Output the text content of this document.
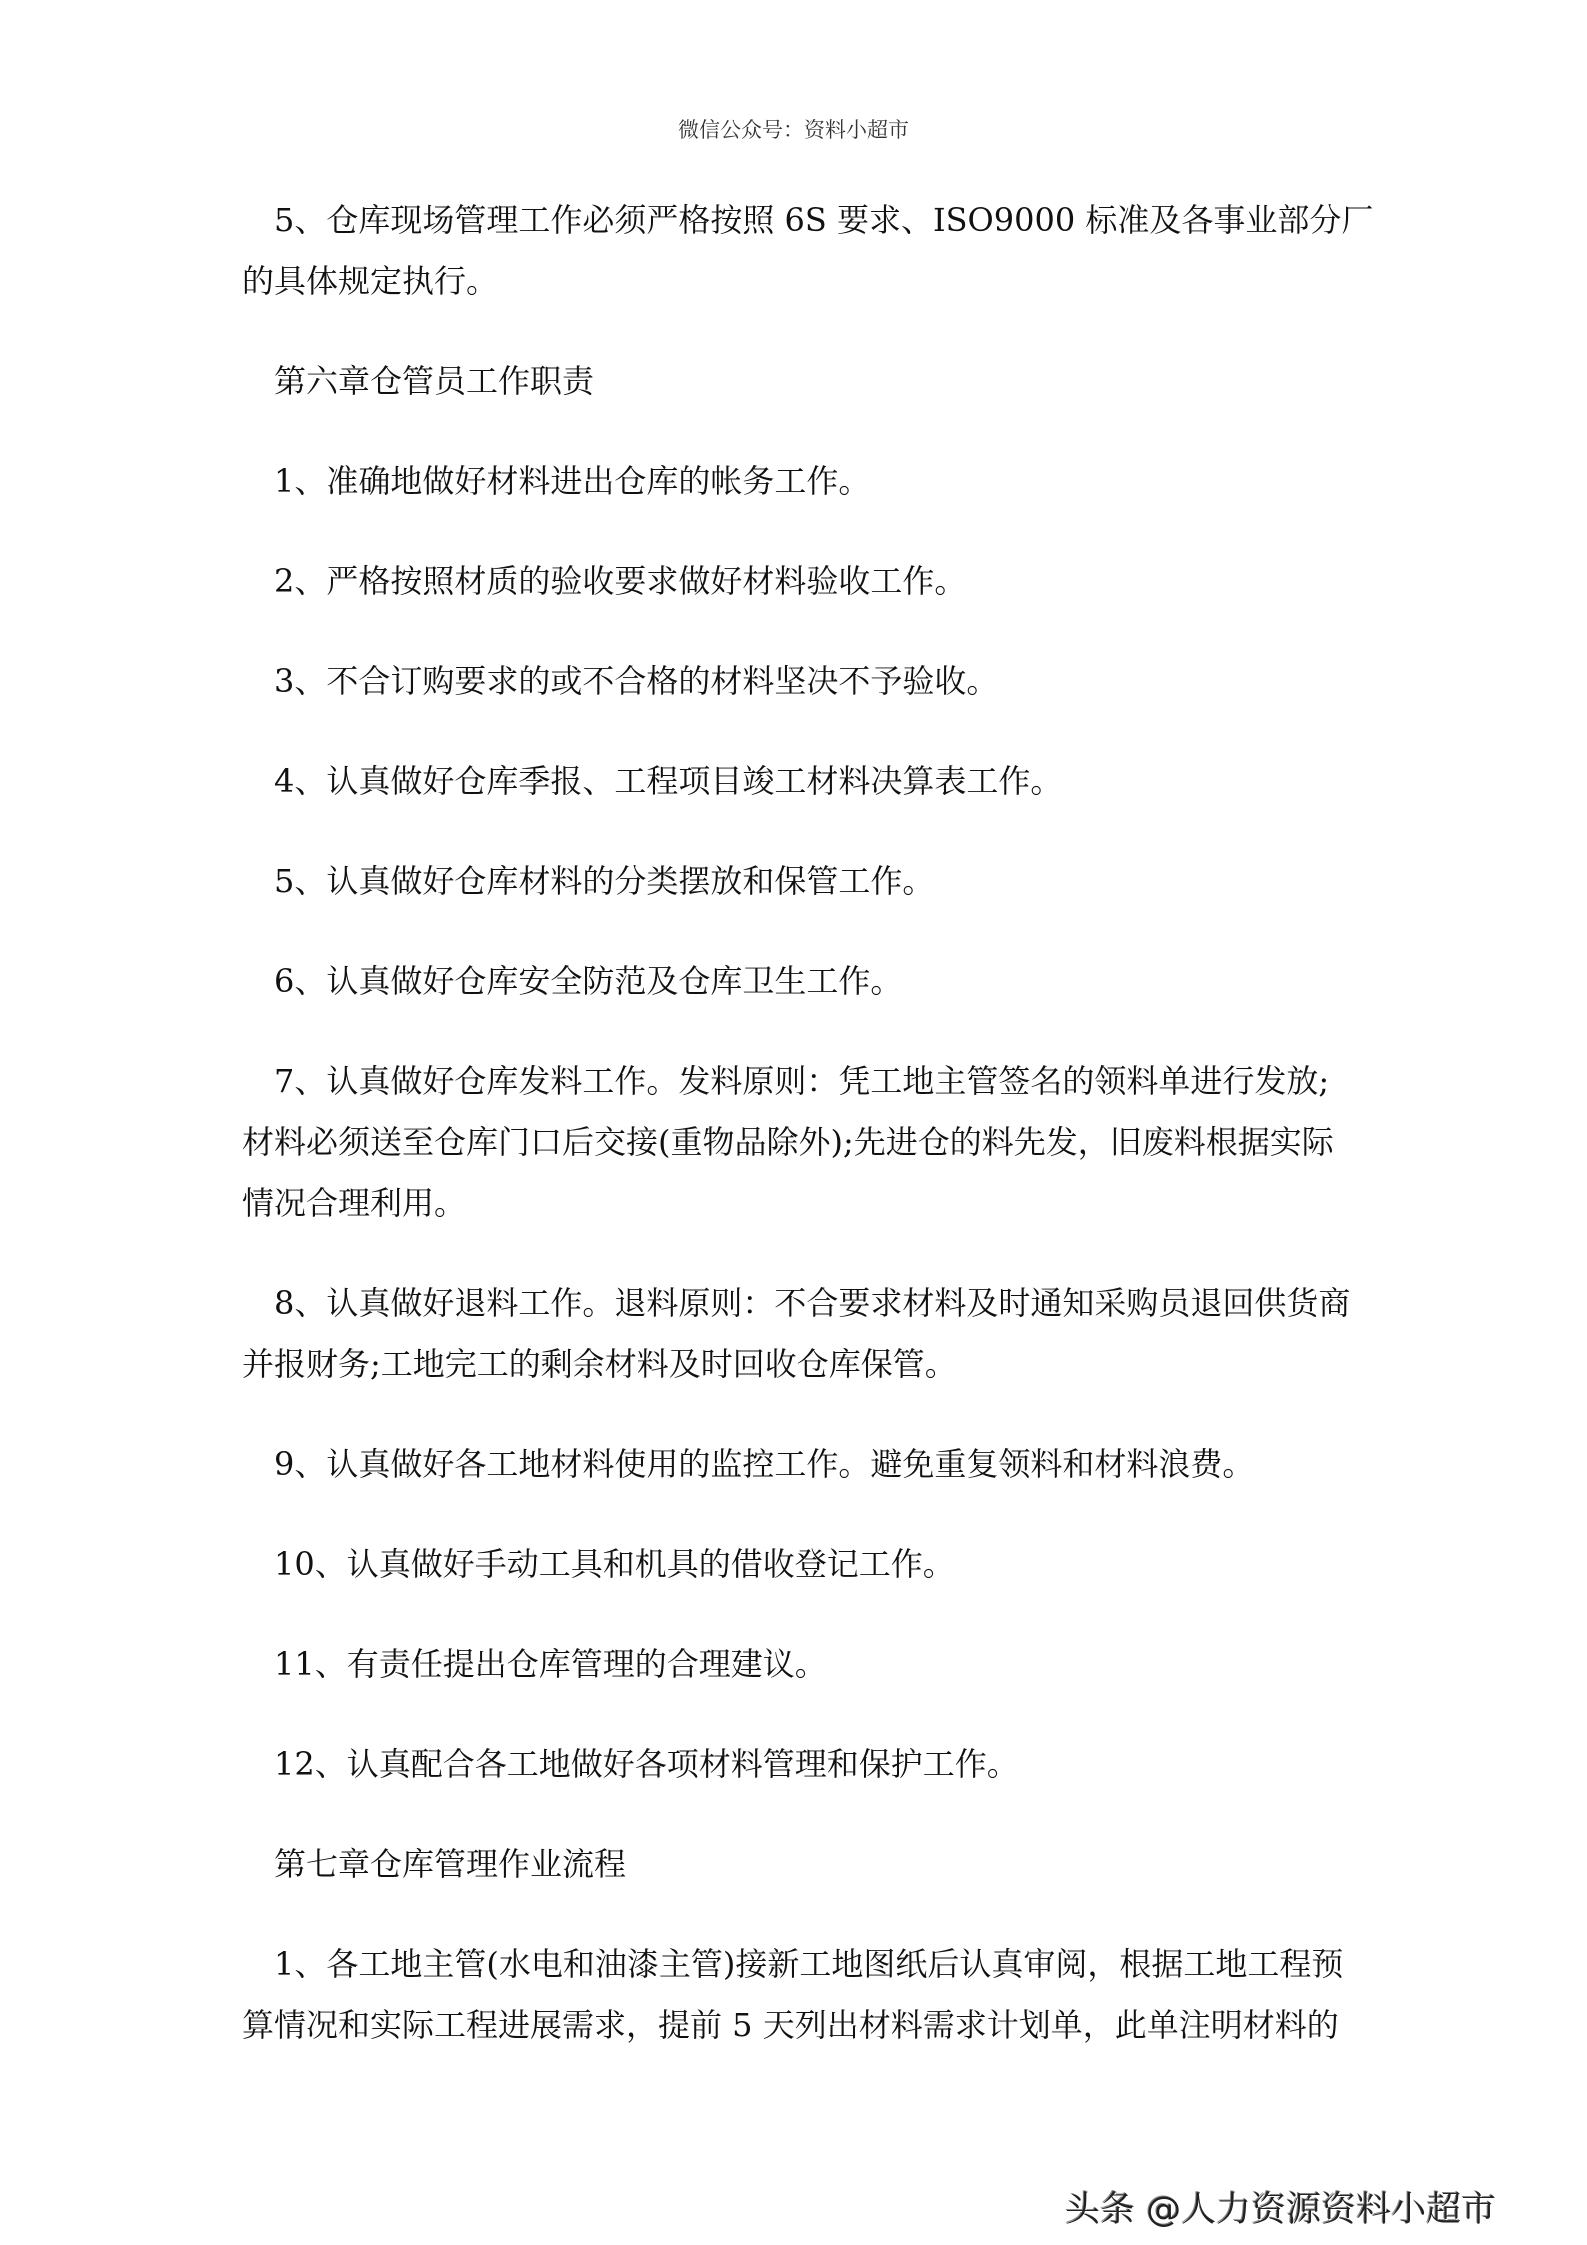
微信公众号：资料小超市
5、仓库现场管理工作必须严格按照 6S 要求、ISO9000 标准及各事业部分厂
的具体规定执行。
第六章仓管员工作职责
1、准确地做好材料进出仓库的帐务工作。
2、严格按照材质的验收要求做好材料验收工作。
3、不合订购要求的或不合格的材料坚决不予验收。
4、认真做好仓库季报、工程项目竣工材料决算表工作。
5、认真做好仓库材料的分类摆放和保管工作。
6、认真做好仓库安全防范及仓库卫生工作。
7、认真做好仓库发料工作。发料原则：凭工地主管签名的领料单进行发放;
材料必须送至仓库门口后交接(重物品除外);先进仓的料先发，旧废料根据实际
情况合理利用。
8、认真做好退料工作。退料原则：不合要求材料及时通知采购员退回供货商
并报财务;工地完工的剩余材料及时回收仓库保管。
9、认真做好各工地材料使用的监控工作。避免重复领料和材料浪费。
10、认真做好手动工具和机具的借收登记工作。
11、有责任提出仓库管理的合理建议。
12、认真配合各工地做好各项材料管理和保护工作。
第七章仓库管理作业流程
1、各工地主管(水电和油漆主管)接新工地图纸后认真审阅，根据工地工程预
算情况和实际工程进展需求，提前 5 天列出材料需求计划单，此单注明材料的
头条 @人力资源资料小超市
